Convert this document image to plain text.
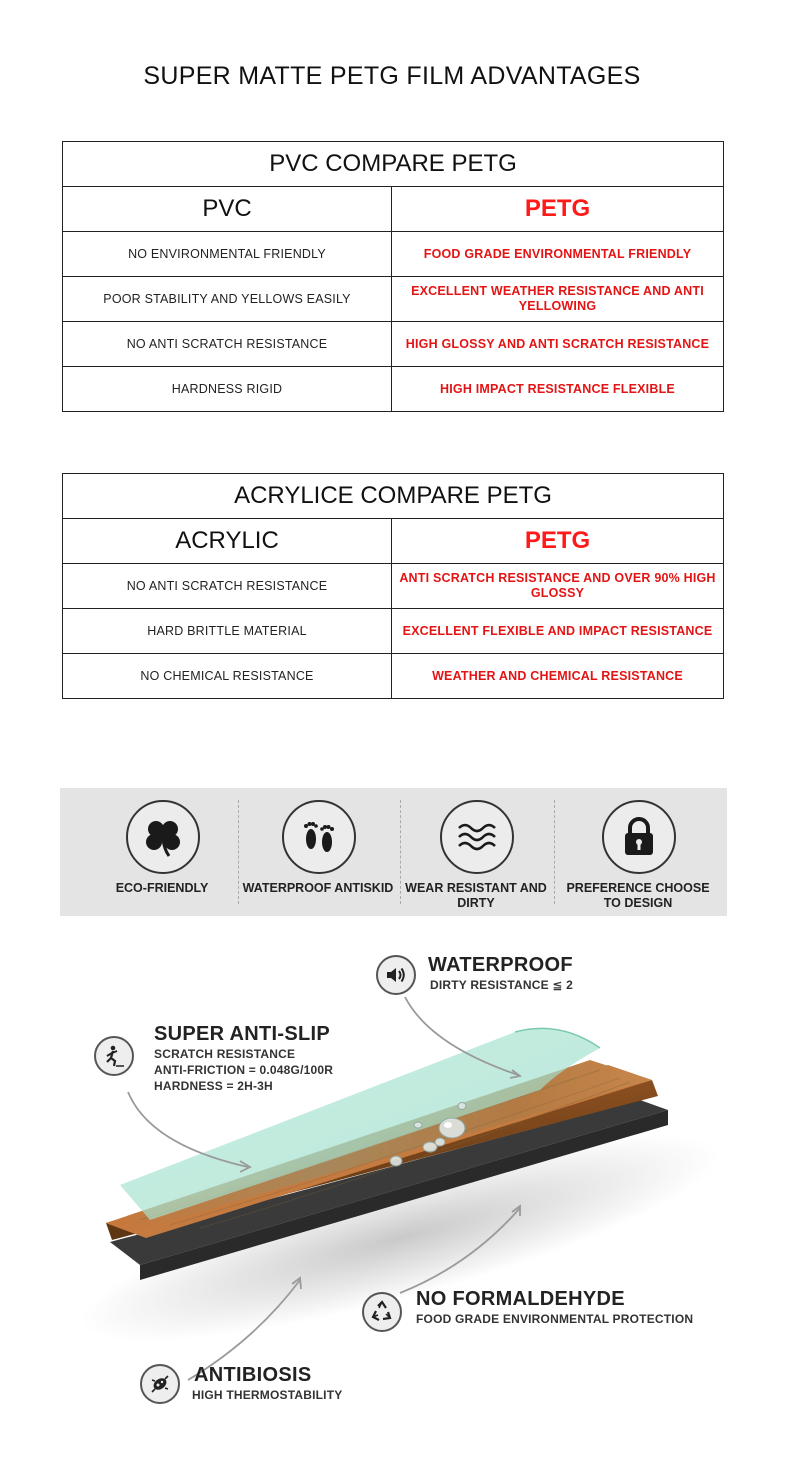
SUPER MATTE PETG FILM ADVANTAGES
PVC COMPARE PETG	
PVC	PETG
NO ENVIRONMENTAL FRIENDLY	FOOD GRADE ENVIRONMENTAL FRIENDLY
POOR STABILITY AND YELLOWS EASILY	EXCELLENT WEATHER RESISTANCE AND ANTI YELLOWING
NO ANTI SCRATCH RESISTANCE	HIGH GLOSSY AND ANTI SCRATCH RESISTANCE
HARDNESS RIGID	HIGH IMPACT RESISTANCE FLEXIBLE
ACRYLICE COMPARE PETG	
ACRYLIC	PETG
NO ANTI SCRATCH RESISTANCE	ANTI SCRATCH RESISTANCE AND OVER 90% HIGH GLOSSY
HARD BRITTLE MATERIAL	EXCELLENT FLEXIBLE AND IMPACT RESISTANCE
NO CHEMICAL RESISTANCE	WEATHER AND CHEMICAL RESISTANCE
ECO-FRIENDLY	WATERPROOF ANTISKID WEAR RESISTANT AND DIRTY
PREFERENCE CHOOSE TO DESIGN
WATERPROOF
DIRTY RESISTANCE ≦ 2
SUPER ANTI-SLIP
SCRATCH RESISTANCE
ANTI-FRICTION = 0.048G/100R
HARDNESS = 2H-3H
NO FORMALDEHYDE
FOOD GRADE ENVIRONMENTAL PROTECTION
ANTIBIOSIS
HIGH THERMOSTABILITY
